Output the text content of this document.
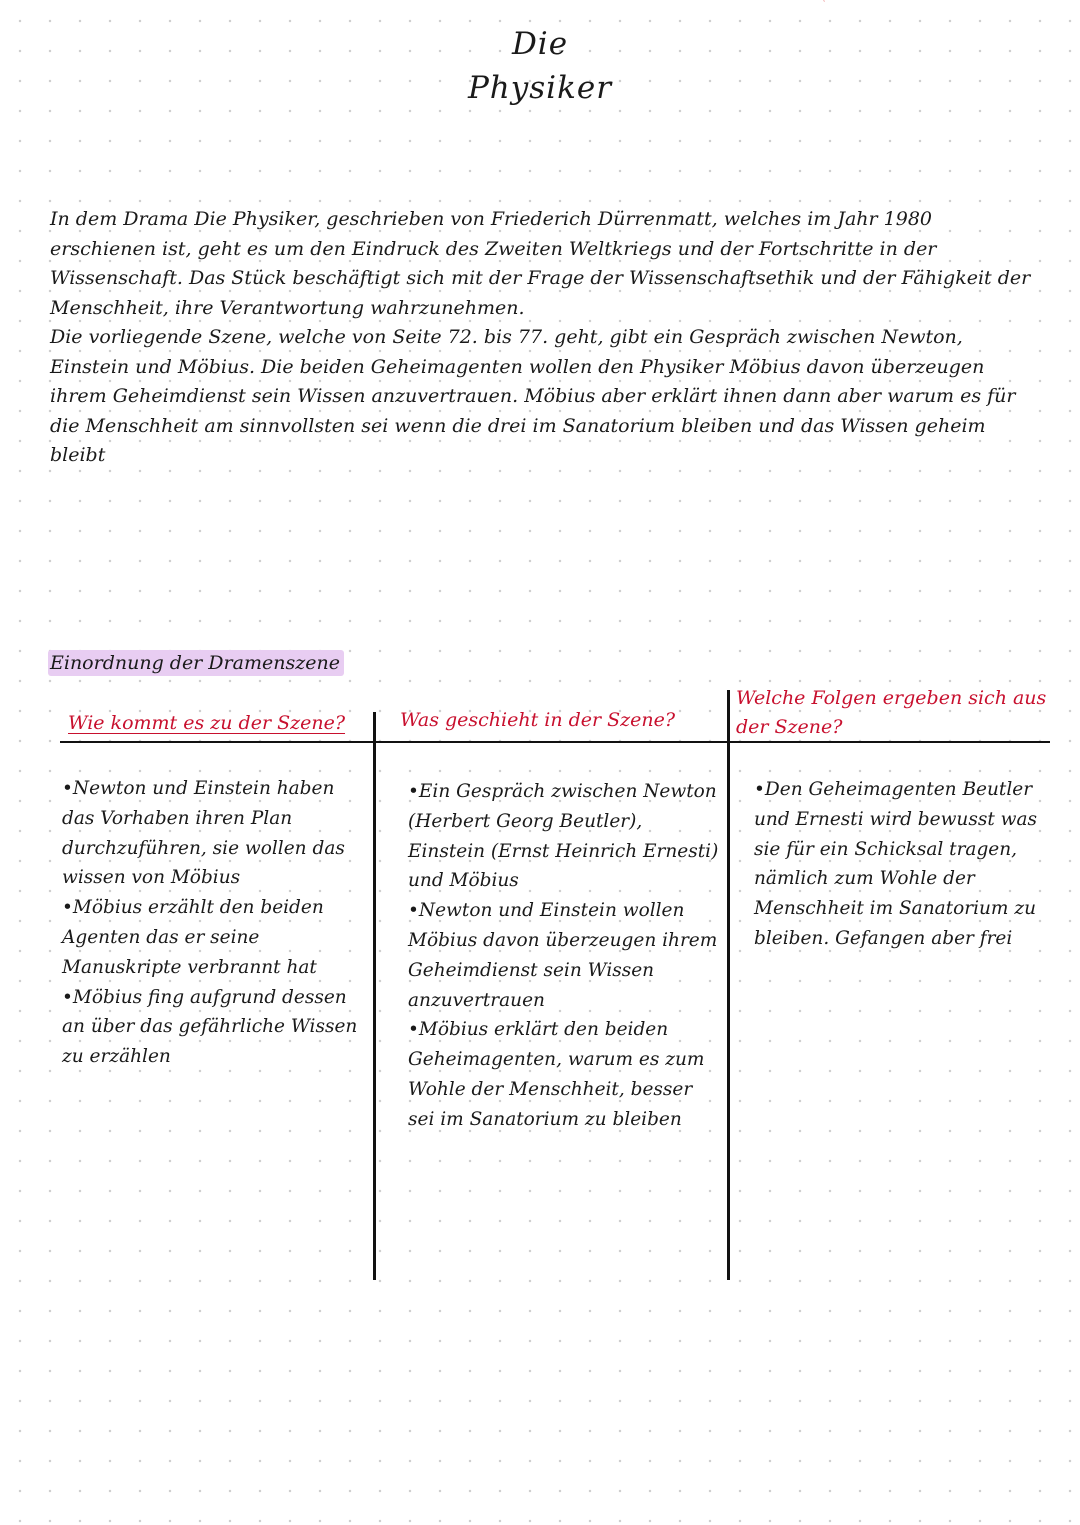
Die
Physiker

In dem Drama Die Physiker, geschrieben von Friederich Dürrenmatt, welches im Jahr 1980 erschienen ist, geht es um den Eindruck des Zweiten Weltkriegs und der Fortschritte in der Wissenschaft. Das Stück beschäftigt sich mit der Frage der Wissenschaftsethik und der Fähigkeit der Menschheit, ihre Verantwortung wahrzunehmen.

Die vorliegende Szene, welche von Seite 72. bis 77. geht, gibt ein Gespräch zwischen Newton, Einstein und Möbius. Die beiden Geheimagenten wollen den Physiker Möbius davon überzeugen ihrem Geheimdienst sein Wissen anzuvertrauen. Möbius aber erklärt ihnen dann aber warum es für die Menschheit am sinnvollsten sei wenn die drei im Sanatorium bleiben und das Wissen geheim bleibt

Einordnung der Dramenszene
Wie kommt es zu der Szene?	Was geschieht in der Szene?
Welche Folgen ergeben sich aus der Szene?
• Newton und Einstein haben das Vorhaben ihren Plan durchzuführen, sie wollen das wissen von Möbius
• Möbius erzählt den beiden Agenten das er seine Manuskripte verbrannt hat
• Möbius fing aufgrund dessen an über das gefährliche Wissen zu erzählen
• Ein Gespräch zwischen Newton (Herbert Georg Beutler), Einstein (Ernst Heinrich Ernesti) und Möbius
• Newton und Einstein wollen Möbius davon überzeugen ihrem Geheimdienst sein Wissen anzuvertrauen
• Möbius erklärt den beiden Geheimagenten, warum es zum Wohle der Menschheit, besser sei im Sanatorium zu bleiben
• Den Geheimagenten Beutler und Ernesti wird bewusst was sie für ein Schicksal tragen, nämlich zum Wohle der Menschheit im Sanatorium zu bleiben. Gefangen aber frei
